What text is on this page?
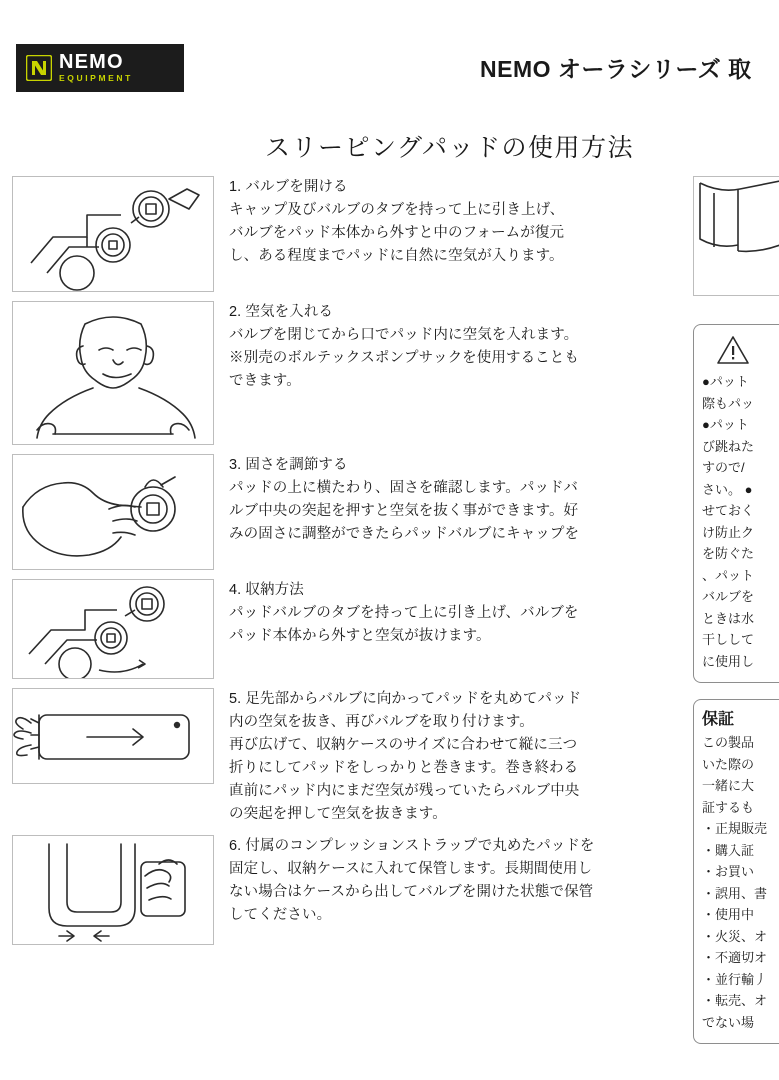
NEMO
EQUIPMENT	NEMO オーラシリーズ 取
スリーピングパッドの使用方法
1. バルブを開ける
キャップ及びバルブのタブを持って上に引き上げ、
バルブをパッド本体から外すと中のフォームが復元
し、ある程度までパッドに自然に空気が入ります。
2. 空気を入れる
バルブを閉じてから口でパッド内に空気を入れます。
※別売のボルテックスポンプサックを使用することも
できます。
3. 固さを調節する
パッドの上に横たわり、固さを確認します。パッドバ
ルブ中央の突起を押すと空気を抜く事ができます。好
みの固さに調整ができたらパッドバルブにキャップを
4. 収納方法
パッドバルブのタブを持って上に引き上げ、バルブを
パッド本体から外すと空気が抜けます。
5. 足先部からバルブに向かってパッドを丸めてパッド
内の空気を抜き、再びバルブを取り付けます。
再び広げて、収納ケースのサイズに合わせて縦に三つ
折りにしてパッドをしっかりと巻きます。巻き終わる
直前にパッド内にまだ空気が残っていたらバルブ中央
の突起を押して空気を抜きます。
6. 付属のコンプレッションストラップで丸めたパッドを
固定し、収納ケースに入れて保管します。長期間使用し
ない場合はケースから出してバルブを開けた状態で保管
してください。
●パット
際もパッ
●パット
び跳ねた
すので/
さい。 ●
せておく
け防止ク
を防ぐた
、パット
バルブを
ときは水
干しして
に使用し
保証
この製品
いた際の
一緒に大
証するも
・正規販売
・購入証
・お買い
・誤用、書
・使用中
・火災、オ
・不適切オ
・並行輸丿
・転売、オ
でない場
